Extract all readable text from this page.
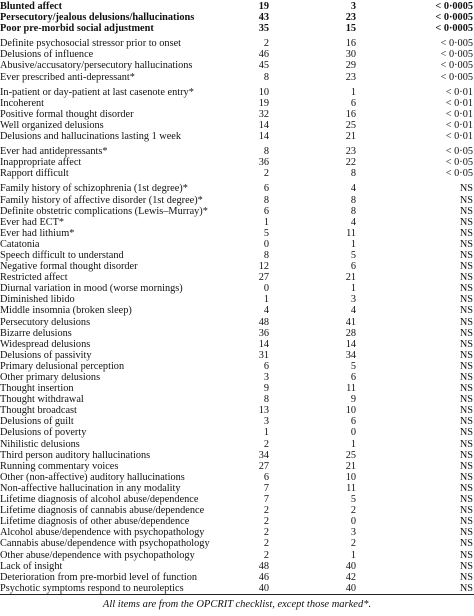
Blunted affect	19	3	< 0·0005
Persecutory/jealous delusions/hallucinations	43	23	< 0·0005
Poor pre-morbid social adjustment	35	15	< 0·0005
Definite psychosocial stressor prior to onset	2	16	< 0·005
Delusions of influence	46	30	< 0·005
Abusive/accusatory/persecutory hallucinations	45	29	< 0·005
Ever prescribed anti-depressant*	8	23	< 0·005
In-patient or day-patient at last casenote entry*	10	1	< 0·01
Incoherent	19	6	< 0·01
Positive formal thought disorder	32	16	< 0·01
Well organized delusions	14	25	< 0·01
Delusions and hallucinations lasting 1 week	14	21	< 0·01
Ever had antidepressants*	8	23	< 0·05
Inappropriate affect	36	22	< 0·05
Rapport difficult	2	8	< 0·05
Family history of schizophrenia (1st degree)*	6	4	NS
Family history of affective disorder (1st degree)*	8	8	NS
Definite obstetric complications (Lewis–Murray)*	6	8	NS
Ever had ECT*	1	4	NS
Ever had lithium*	5	11	NS
Catatonia	0	1	NS
Speech difficult to understand	8	5	NS
Negative formal thought disorder	12	6	NS
Restricted affect	27	21	NS
Diurnal variation in mood (worse mornings)	0	1	NS
Diminished libido	1	3	NS
Middle insomnia (broken sleep)	4	4	NS
Persecutory delusions	48	41	NS
Bizarre delusions	36	28	NS
Widespread delusions	14	14	NS
Delusions of passivity	31	34	NS
Primary delusional perception	6	5	NS
Other primary delusions	3	6	NS
Thought insertion	9	11	NS
Thought withdrawal	8	9	NS
Thought broadcast	13	10	NS
Delusions of guilt	3	6	NS
Delusions of poverty	1	0	NS
Nihilistic delusions	2	1	NS
Third person auditory hallucinations	34	25	NS
Running commentary voices	27	21	NS
Other (non-affective) auditory hallucinations	6	10	NS
Non-affective hallucination in any modality	7	11	NS
Lifetime diagnosis of alcohol abuse/dependence	7	5	NS
Lifetime diagnosis of cannabis abuse/dependence	2	2	NS
Lifetime diagnosis of other abuse/dependence	2	0	NS
Alcohol abuse/dependence with psychopathology	2	3	NS
Cannabis abuse/dependence with psychopathology	2	2	NS
Other abuse/dependence with psychopathology	2	1	NS
Lack of insight	48	40	NS
Deterioration from pre-morbid level of function	46	42	NS
Psychotic symptoms respond to neuroleptics	40	40	NS
All items are from the OPCRIT checklist, except those marked*.
